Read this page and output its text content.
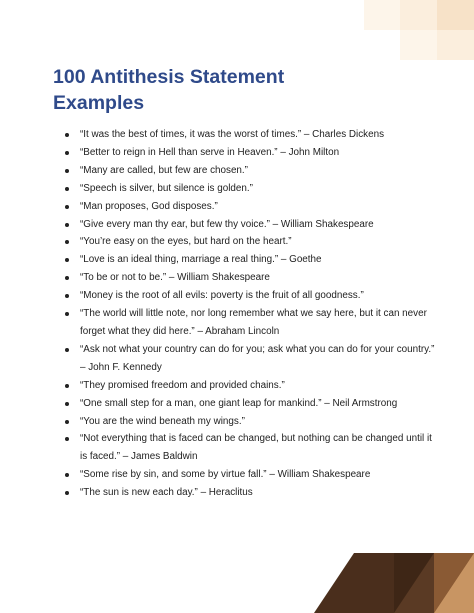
100 Antithesis Statement
Examples
“It was the best of times, it was the worst of times.” – Charles Dickens
“Better to reign in Hell than serve in Heaven.” – John Milton
“Many are called, but few are chosen.”
“Speech is silver, but silence is golden.”
“Man proposes, God disposes.”
“Give every man thy ear, but few thy voice.” – William Shakespeare
“You’re easy on the eyes, but hard on the heart.”
“Love is an ideal thing, marriage a real thing.” – Goethe
“To be or not to be.” – William Shakespeare
“Money is the root of all evils: poverty is the fruit of all goodness.”
“The world will little note, nor long remember what we say here, but it can never forget what they did here.” – Abraham Lincoln
“Ask not what your country can do for you; ask what you can do for your country.” – John F. Kennedy
“They promised freedom and provided chains.”
“One small step for a man, one giant leap for mankind.” – Neil Armstrong
“You are the wind beneath my wings.”
“Not everything that is faced can be changed, but nothing can be changed until it is faced.” – James Baldwin
“Some rise by sin, and some by virtue fall.” – William Shakespeare
“The sun is new each day.” – Heraclitus
